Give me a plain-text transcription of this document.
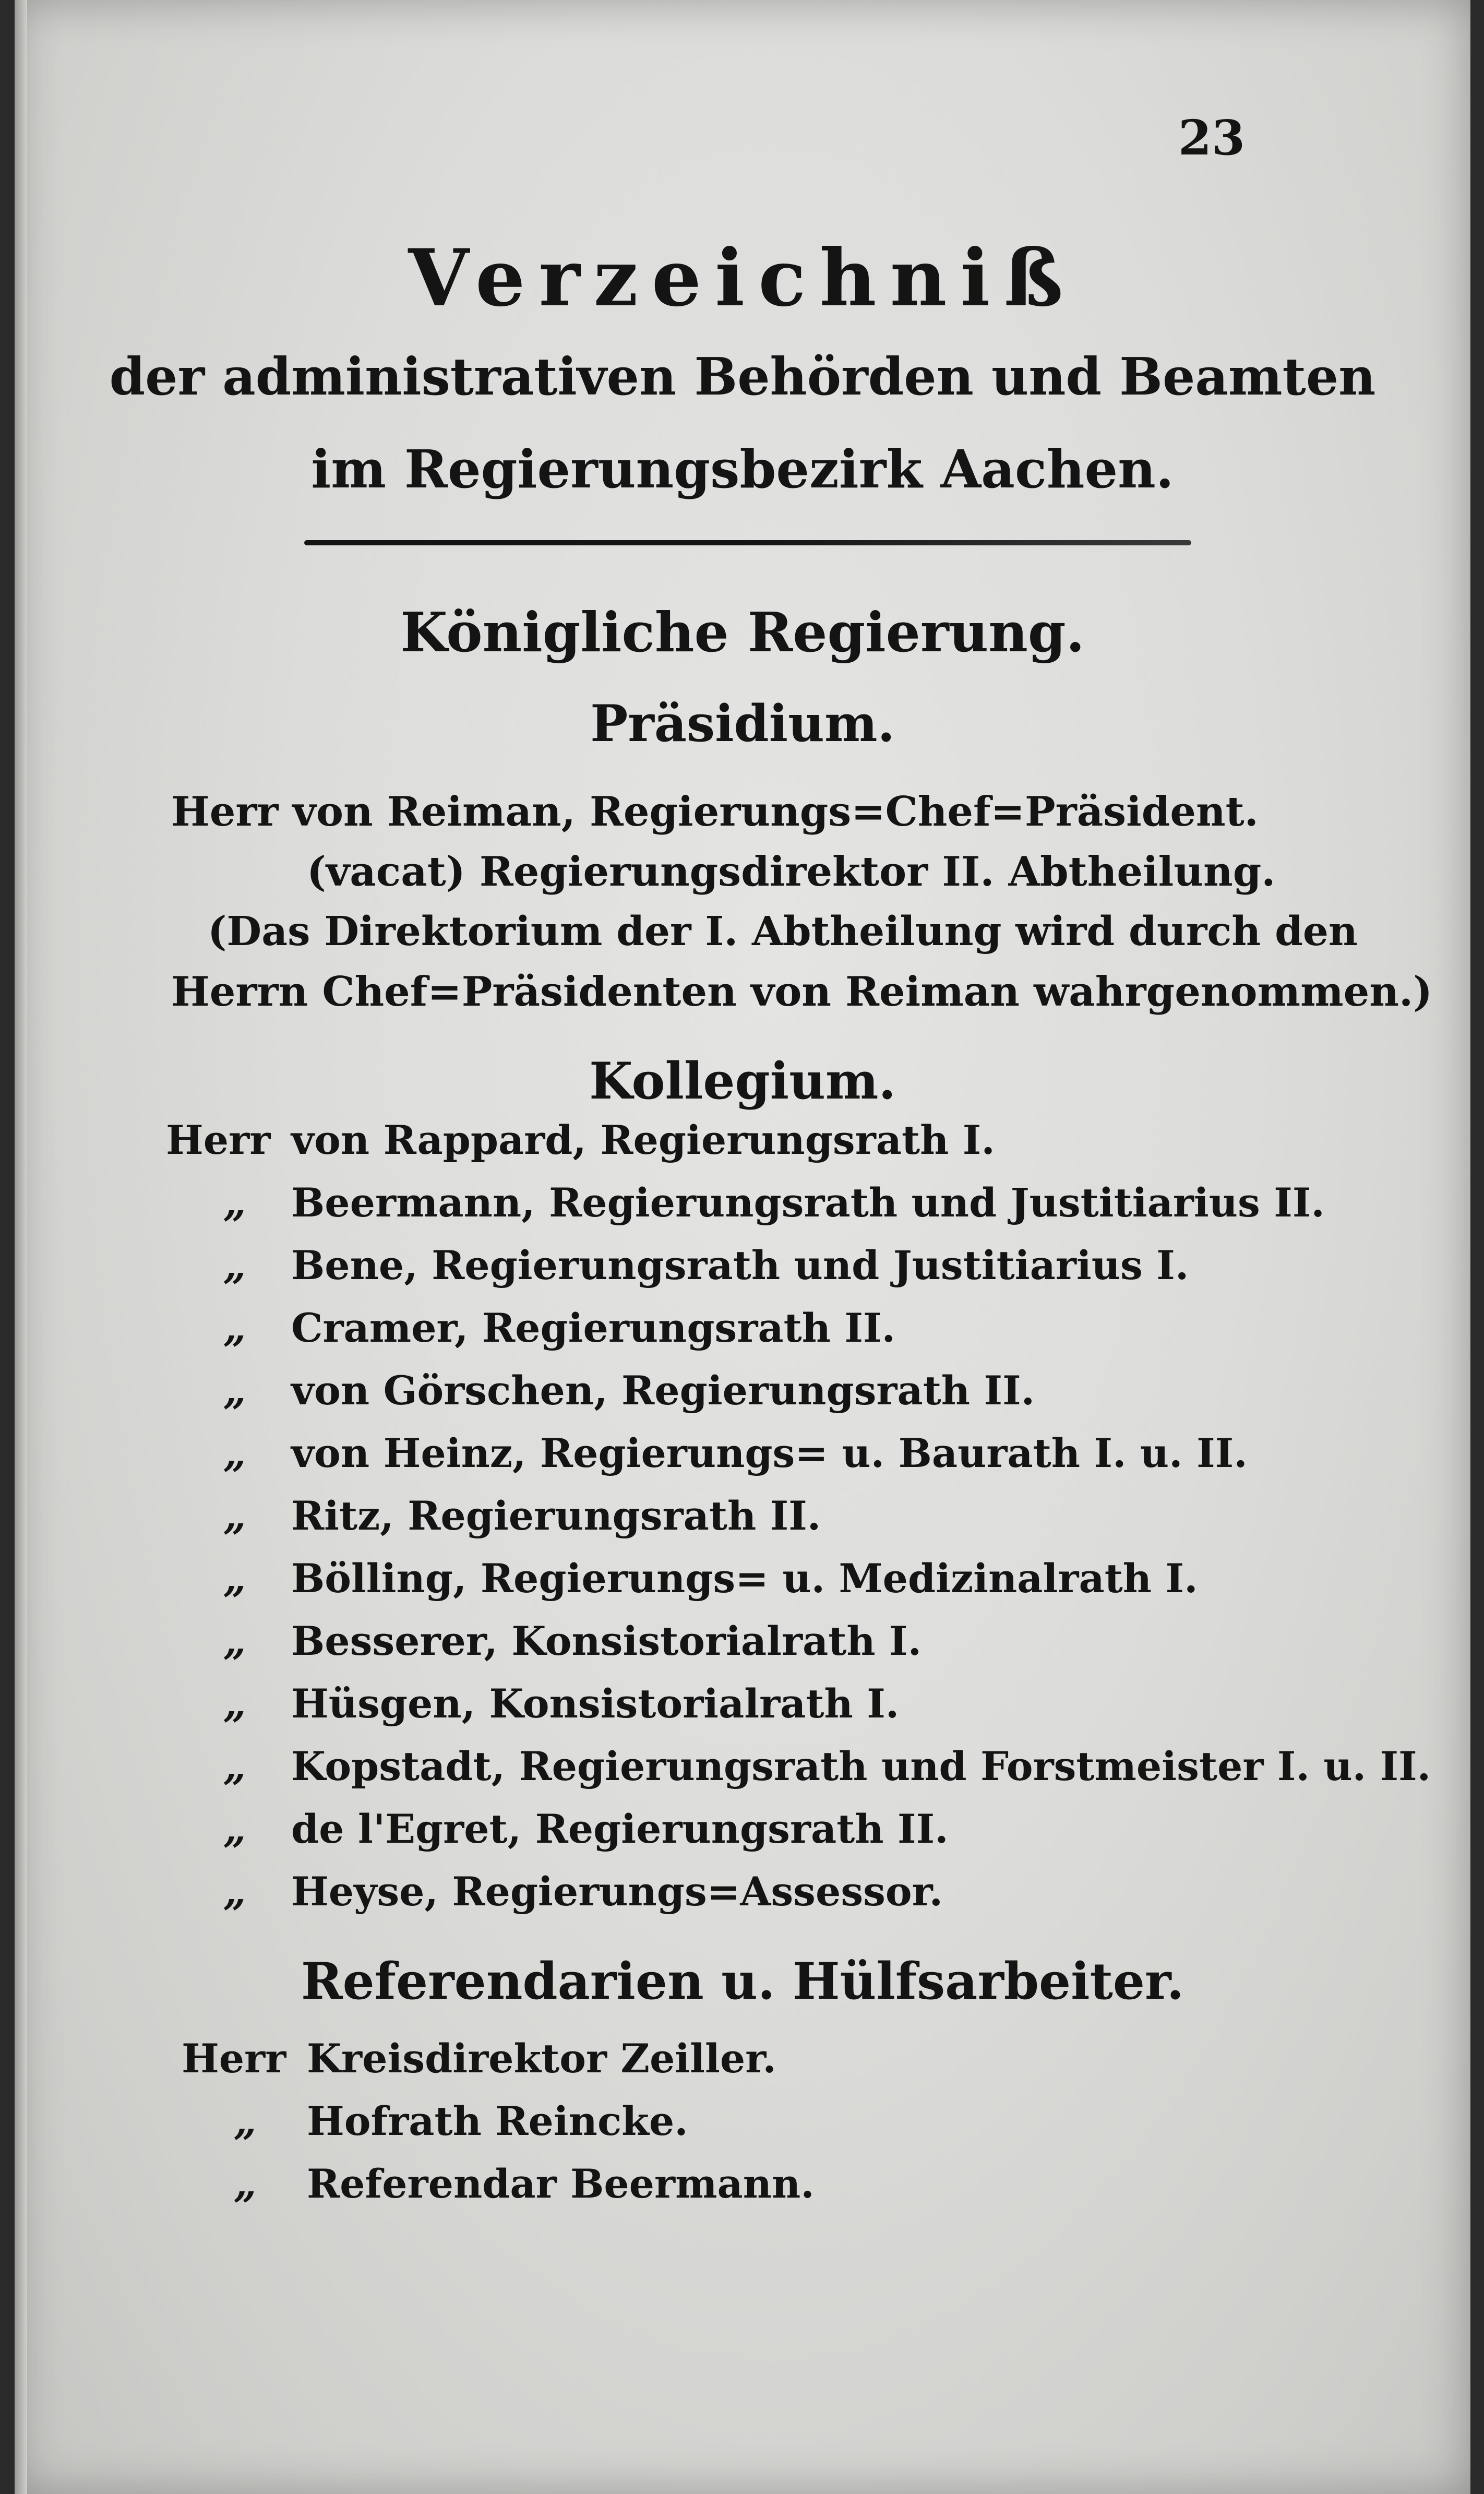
23
Verzeichniß
der administrativen Behörden und Beamten
im Regierungsbezirk Aachen.
Königliche Regierung.
Präsidium.
Herr von Reiman, Regierungs=Chef=Präsident.
(vacat) Regierungsdirektor II. Abtheilung.
(Das Direktorium der I. Abtheilung wird durch den
Herrn Chef=Präsidenten von Reiman wahrgenommen.)
Kollegium.
Herr von Rappard, Regierungsrath I.
„ Beermann, Regierungsrath und Justitiarius II.
„ Bene, Regierungsrath und Justitiarius I.
„ Cramer, Regierungsrath II.
„ von Görschen, Regierungsrath II.
„ von Heinz, Regierungs= u. Baurath I. u. II.
„ Ritz, Regierungsrath II.
„ Bölling, Regierungs= u. Medizinalrath I.
„ Besserer, Konsistorialrath I.
„ Hüsgen, Konsistorialrath I.
„ Kopstadt, Regierungsrath und Forstmeister I. u. II.
„ de l'Egret, Regierungsrath II.
„ Heyse, Regierungs=Assessor.
Referendarien u. Hülfsarbeiter.
Herr Kreisdirektor Zeiller.
„ Hofrath Reincke.
„ Referendar Beermann.
